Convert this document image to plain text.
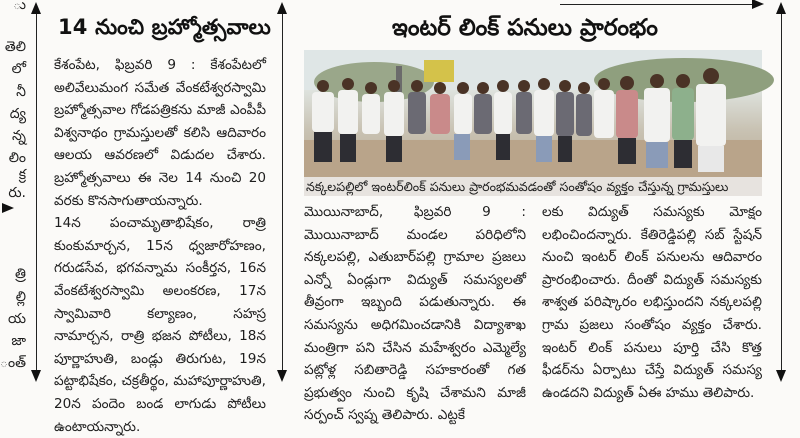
ు
తెలి
లో
నీ
ద్య
న్న
లిం
క్ర
రు.
త్రి
ల్లి
య
జా
ంత్
14 నుంచి బ్రహ్మోత్సవాలు

కేశంపేట, ఫిబ్రవరి 9 : కేశంపేటలో అలివేలుమంగ సమేత వేంకటేశ్వరస్వామి బ్రహ్మోత్సవాల గోడపత్రికను మాజీ ఎంపీపీ విశ్వనాథం గ్రామస్తులతో కలిసి ఆదివారం ఆలయ ఆవరణలో విడుదల చేశారు. బ్రహ్మోత్సవాలు ఈ నెల 14 నుంచి 20 వరకు కొనసాగుతాయన్నారు.

14న పంచామృతాభిషేకం, రాత్రి కుంకుమార్చన, 15న ధ్వజారోహణం, గరుడసేవ, భగవన్నామ సంకీర్తన, 16న వేంకటేశ్వరస్వామి అలంకరణ, 17న స్వామివారి కల్యాణం, సహస్ర నామార్చన, రాత్రి భజన పోటీలు, 18న పూర్ణాహుతి, బండ్లు తిరుగుట, 19న పట్టాభిషేకం, చక్రతీర్థం, మహాపూర్ణాహుతి, 20న పందెం బండ లాగుడు పోటీలు ఉంటాయన్నారు.

ఇంటర్ లింక్ పనులు ప్రారంభం
నక్కలపల్లిలో ఇంటర్‌లింక్ పనులు ప్రారంభమవడంతో సంతోషం వ్యక్తం చేస్తున్న గ్రామస్తులు

మొయినాబాద్, ఫిబ్రవరి 9 : మొయినాబాద్ మండల పరిధిలోని నక్కలపల్లి, ఎతుబార్‌పల్లి గ్రామాల ప్రజలు ఎన్నో ఏండ్లుగా విద్యుత్ సమస్యలతో తీవ్రంగా ఇబ్బంది పడుతున్నారు. ఈ సమస్యను అధిగమించడానికి విద్యాశాఖ మంత్రిగా పని చేసిన మహేశ్వరం ఎమ్మెల్యే పట్లోళ్ల సబితారెడ్డి సహకారంతో గత ప్రభుత్వం నుంచి కృషి చేశామని మాజీ సర్పంచ్ స్వప్న తెలిపారు. ఎట్టకే

లకు విద్యుత్ సమస్యకు మోక్షం లభించిందన్నారు. కేతిరెడ్డిపల్లి సబ్ స్టేషన్ నుంచి ఇంటర్ లింక్ పనులను ఆదివారం ప్రారంభించారు. దీంతో విద్యుత్ సమస్యకు శాశ్వత పరిష్కారం లభిస్తుందని నక్కలపల్లి గ్రామ ప్రజలు సంతోషం వ్యక్తం చేశారు. ఇంటర్ లింక్ పనులు పూర్తి చేసి కొత్త ఫీడర్‌ను ఏర్పాటు చేస్తే విద్యుత్ సమస్య ఉండదని విద్యుత్ ఏఈ హము తెలిపారు.
